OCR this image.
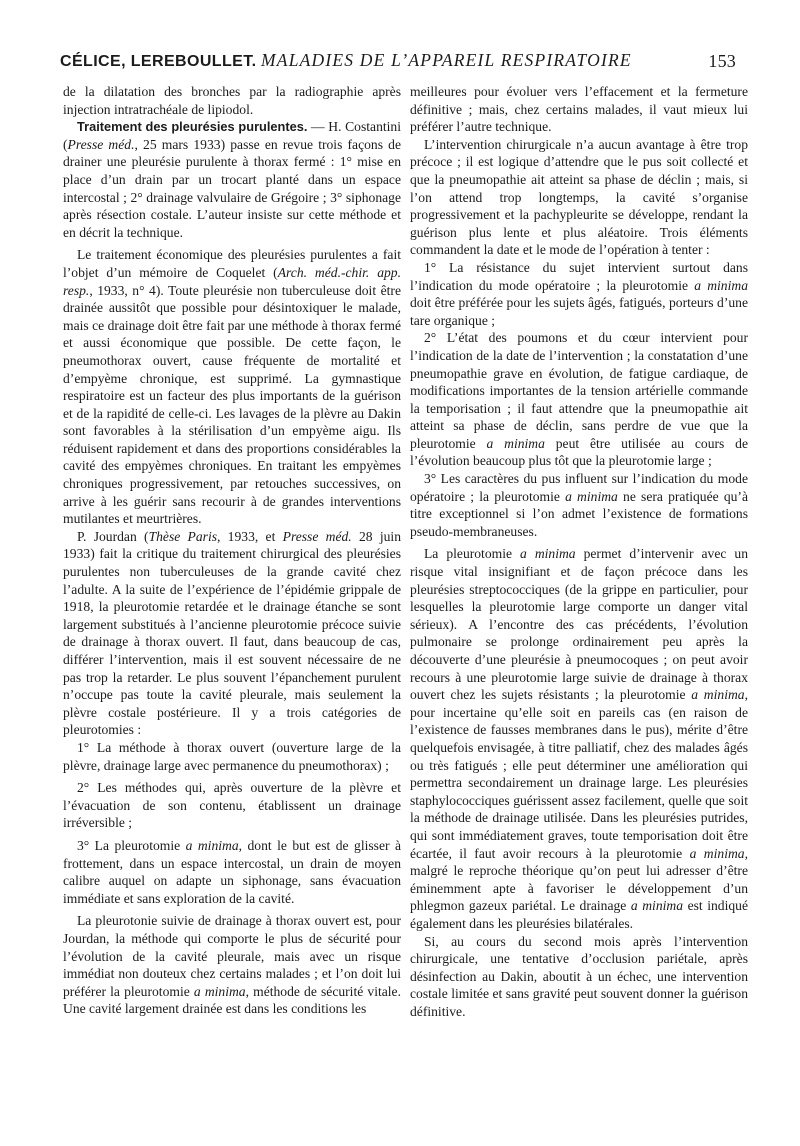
CÉLICE, LEREBOULLET. MALADIES DE L’APPAREIL RESPIRATOIRE	153

de la dilatation des bronches par la radiographie après injection intratrachéale de lipiodol.

Traitement des pleurésies purulentes. — H. Costantini (Presse méd., 25 mars 1933) passe en revue trois façons de drainer une pleurésie purulente à thorax fermé : 1° mise en place d’un drain par un trocart planté dans un espace intercostal ; 2° drainage valvulaire de Grégoire ; 3° siphonage après résection costale. L’auteur insiste sur cette méthode et en décrit la technique.

Le traitement économique des pleurésies purulentes a fait l’objet d’un mémoire de Coquelet (Arch. méd.-chir. app. resp., 1933, n° 4). Toute pleurésie non tuberculeuse doit être drainée aussitôt que possible pour désintoxiquer le malade, mais ce drainage doit être fait par une méthode à thorax fermé et aussi économique que possible. De cette façon, le pneumothorax ouvert, cause fréquente de mortalité et d’empyème chronique, est supprimé. La gymnastique respiratoire est un facteur des plus importants de la guérison et de la rapidité de celle-ci. Les lavages de la plèvre au Dakin sont favorables à la stérilisation d’un empyème aigu. Ils réduisent rapidement et dans des proportions considérables la cavité des empyèmes chroniques. En traitant les empyèmes chroniques progressivement, par retouches successives, on arrive à les guérir sans recourir à de grandes interventions mutilantes et meurtrières.

P. Jourdan (Thèse Paris, 1933, et Presse méd. 28 juin 1933) fait la critique du traitement chirurgical des pleurésies purulentes non tuberculeuses de la grande cavité chez l’adulte. A la suite de l’expérience de l’épidémie grippale de 1918, la pleurotomie retardée et le drainage étanche se sont largement substitués à l’ancienne pleurotomie précoce suivie de drainage à thorax ouvert. Il faut, dans beaucoup de cas, différer l’intervention, mais il est souvent nécessaire de ne pas trop la retarder. Le plus souvent l’épanchement purulent n’occupe pas toute la cavité pleurale, mais seulement la plèvre costale postérieure. Il y a trois catégories de pleurotomies :

1° La méthode à thorax ouvert (ouverture large de la plèvre, drainage large avec permanence du pneumothorax) ;

2° Les méthodes qui, après ouverture de la plèvre et l’évacuation de son contenu, établissent un drainage irréversible ;

3° La pleurotomie a minima, dont le but est de glisser à frottement, dans un espace intercostal, un drain de moyen calibre auquel on adapte un siphonage, sans évacuation immédiate et sans exploration de la cavité.

La pleurotonie suivie de drainage à thorax ouvert est, pour Jourdan, la méthode qui comporte le plus de sécurité pour l’évolution de la cavité pleurale, mais avec un risque immédiat non douteux chez certains malades ; et l’on doit lui préférer la pleurotomie a minima, méthode de sécurité vitale. Une cavité largement drainée est dans les conditions les

meilleures pour évoluer vers l’effacement et la fermeture définitive ; mais, chez certains malades, il vaut mieux lui préférer l’autre technique.

L’intervention chirurgicale n’a aucun avantage à être trop précoce ; il est logique d’attendre que le pus soit collecté et que la pneumopathie ait atteint sa phase de déclin ; mais, si l’on attend trop longtemps, la cavité s’organise progressivement et la pachypleurite se développe, rendant la guérison plus lente et plus aléatoire. Trois éléments commandent la date et le mode de l’opération à tenter :

1° La résistance du sujet intervient surtout dans l’indication du mode opératoire ; la pleurotomie a minima doit être préférée pour les sujets âgés, fatigués, porteurs d’une tare organique ;

2° L’état des poumons et du cœur intervient pour l’indication de la date de l’intervention ; la constatation d’une pneumopathie grave en évolution, de fatigue cardiaque, de modifications importantes de la tension artérielle commande la temporisation ; il faut attendre que la pneumopathie ait atteint sa phase de déclin, sans perdre de vue que la pleurotomie a minima peut être utilisée au cours de l’évolution beaucoup plus tôt que la pleurotomie large ;

3° Les caractères du pus influent sur l’indication du mode opératoire ; la pleurotomie a minima ne sera pratiquée qu’à titre exceptionnel si l’on admet l’existence de formations pseudo-membraneuses.

La pleurotomie a minima permet d’intervenir avec un risque vital insignifiant et de façon précoce dans les pleurésies streptococciques (de la grippe en particulier, pour lesquelles la pleurotomie large comporte un danger vital sérieux). A l’encontre des cas précédents, l’évolution pulmonaire se prolonge ordinairement peu après la découverte d’une pleurésie à pneumocoques ; on peut avoir recours à une pleurotomie large suivie de drainage à thorax ouvert chez les sujets résistants ; la pleurotomie a minima, pour incertaine qu’elle soit en pareils cas (en raison de l’existence de fausses membranes dans le pus), mérite d’être quelquefois envisagée, à titre palliatif, chez des malades âgés ou très fatigués ; elle peut déterminer une amélioration qui permettra secondairement un drainage large. Les pleurésies staphylococciques guérissent assez facilement, quelle que soit la méthode de drainage utilisée. Dans les pleurésies putrides, qui sont immédiatement graves, toute temporisation doit être écartée, il faut avoir recours à la pleurotomie a minima, malgré le reproche théorique qu’on peut lui adresser d’être éminemment apte à favoriser le développement d’un phlegmon gazeux pariétal. Le drainage a minima est indiqué également dans les pleurésies bilatérales.

Si, au cours du second mois après l’intervention chirurgicale, une tentative d’occlusion pariétale, après désinfection au Dakin, aboutit à un échec, une intervention costale limitée et sans gravité peut souvent donner la guérison définitive.
